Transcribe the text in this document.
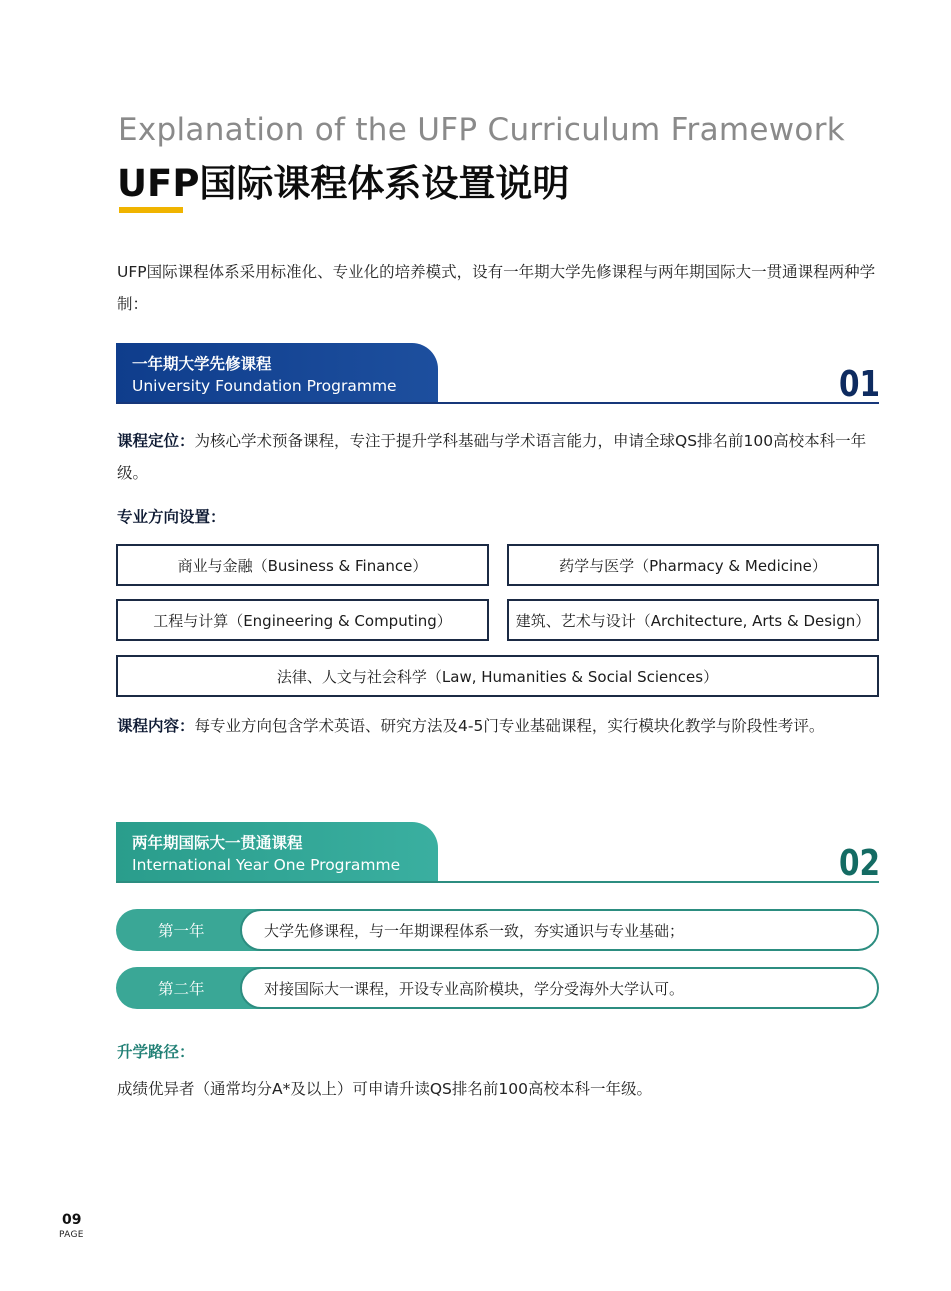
Explanation of the UFP Curriculum Framework
UFP国际课程体系设置说明
UFP国际课程体系采用标准化、专业化的培养模式，设有一年期大学先修课程与两年期国际大一贯通课程两种学制：
一年期大学先修课程
University Foundation Programme	01
课程定位：为核心学术预备课程，专注于提升学科基础与学术语言能力，申请全球QS排名前100高校本科一年级。
专业方向设置：
商业与金融（Business & Finance）	药学与医学（Pharmacy & Medicine）
工程与计算（Engineering & Computing）	建筑、艺术与设计（Architecture, Arts & Design）
法律、人文与社会科学（Law, Humanities & Social Sciences）
课程内容：每专业方向包含学术英语、研究方法及4-5门专业基础课程，实行模块化教学与阶段性考评。
两年期国际大一贯通课程
International Year One Programme	02
第一年	大学先修课程，与一年期课程体系一致，夯实通识与专业基础；
第二年	对接国际大一课程，开设专业高阶模块，学分受海外大学认可。
升学路径：
成绩优异者（通常均分A*及以上）可申请升读QS排名前100高校本科一年级。
09
PAGE
